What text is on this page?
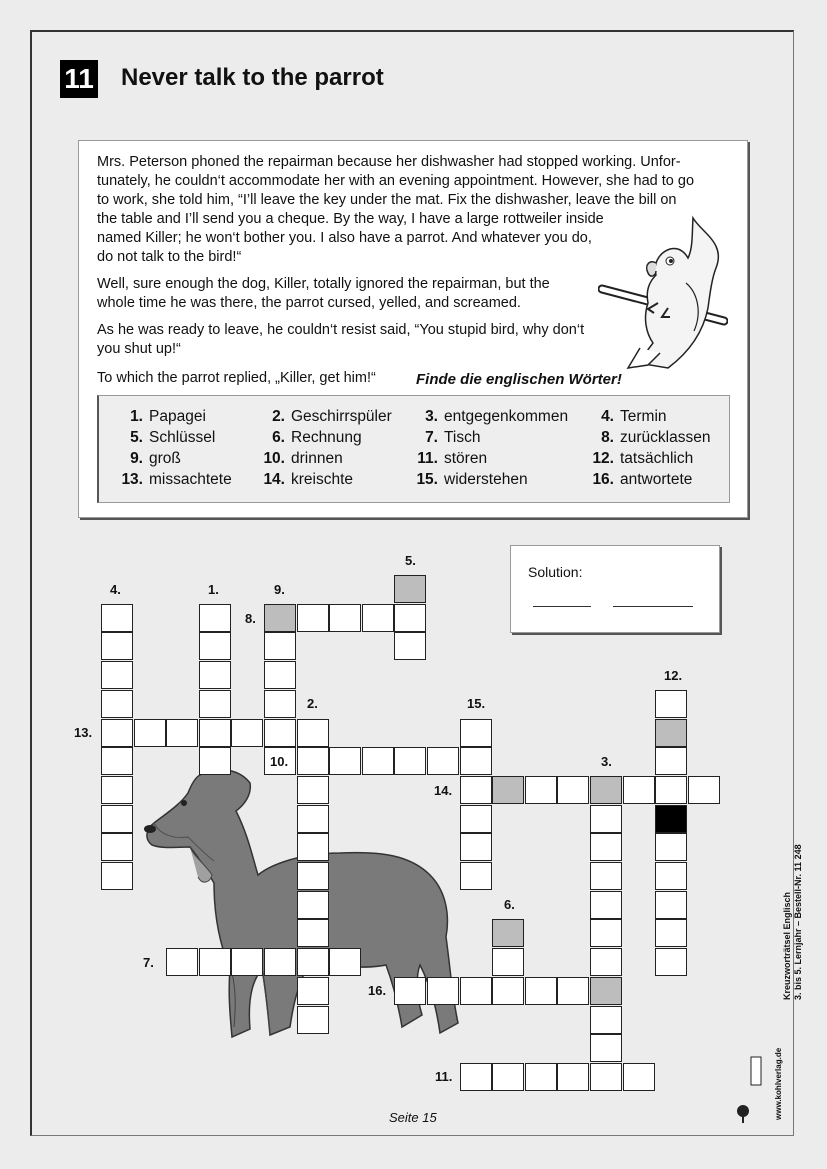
11 Never talk to the parrot

Mrs. Peterson phoned the repairman because her dishwasher had stopped working. Unfor-

tunately, he couldn‘t accommodate her with an evening appointment. However, she had to go

to work, she told him, “I’ll leave the key under the mat. Fix the dishwasher, leave the bill on

the table and I’ll send you a cheque. By the way, I have a large rottweiler inside

named Killer; he won‘t bother you. I also have a parrot. And whatever you do,

do not talk to the bird!“

Well, sure enough the dog, Killer, totally ignored the repairman, but the

whole time he was there, the parrot cursed, yelled, and screamed.

As he was ready to leave, he couldn‘t resist said, “You stupid bird, why don‘t

you shut up!“

To which the parrot replied, „Killer, get him!“	Finde die englischen Wörter!
1. Papagei	2. Geschirrspüler	3. entgegenkommen	4. Termin
5. Schlüssel	6. Rechnung	7. Tisch	8. zurücklassen
9. groß	10. drinnen	11. stören	12. tatsächlich
13. missachtete	14. kreischte	15. widerstehen	16. antwortete
Solution:
4.	1.	9.
8.
5.
2.
13.
15.
10.	3.
12.
14.
6.
7.
16.
11.
Seite 15
Kreuzworträtsel Englisch 3. bis 5. Lernjahr – Bestell-Nr. 11 248
www.kohlverlag.de
